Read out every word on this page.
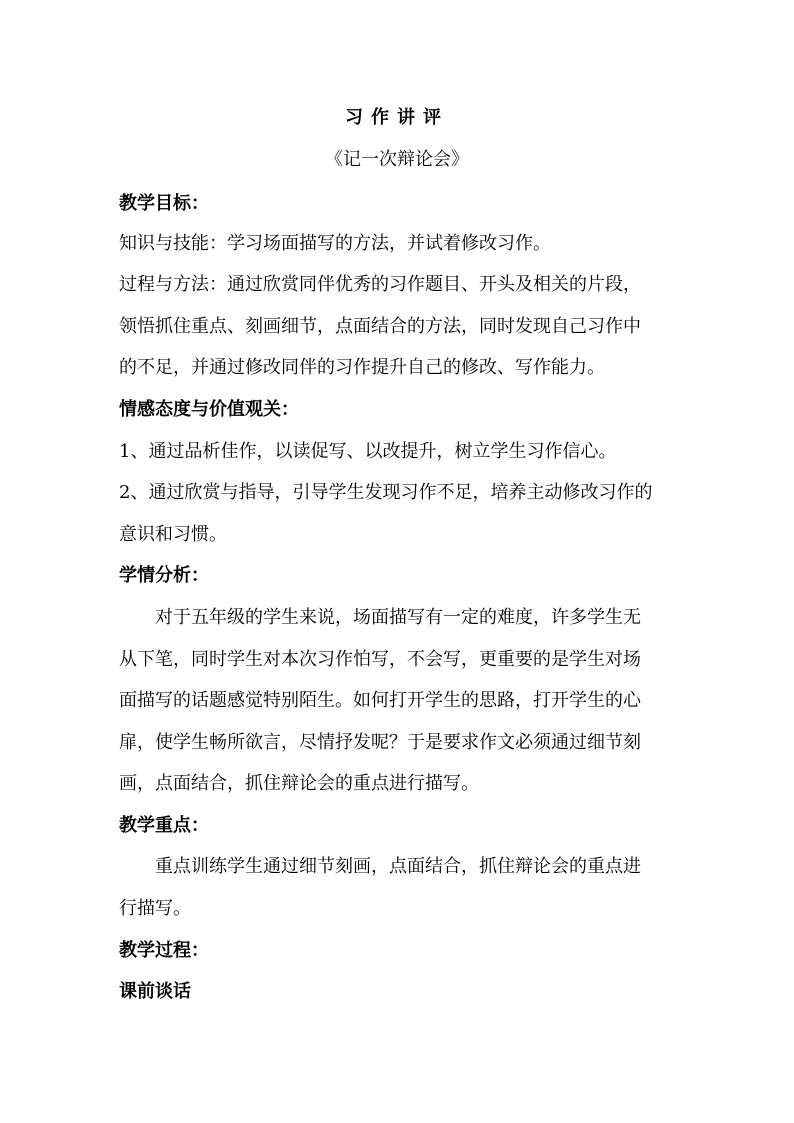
习作讲评
《记一次辩论会》
教学目标：
知识与技能：学习场面描写的方法，并试着修改习作。
过程与方法：通过欣赏同伴优秀的习作题目、开头及相关的片段，
领悟抓住重点、刻画细节，点面结合的方法，同时发现自己习作中
的不足，并通过修改同伴的习作提升自己的修改、写作能力。
情感态度与价值观关：
1、通过品析佳作，以读促写、以改提升，树立学生习作信心。
2、通过欣赏与指导，引导学生发现习作不足，培养主动修改习作的
意识和习惯。
学情分析：
对于五年级的学生来说，场面描写有一定的难度，许多学生无
从下笔，同时学生对本次习作怕写，不会写，更重要的是学生对场
面描写的话题感觉特别陌生。如何打开学生的思路，打开学生的心
扉，使学生畅所欲言，尽情抒发呢？于是要求作文必须通过细节刻
画，点面结合，抓住辩论会的重点进行描写。
教学重点：
重点训练学生通过细节刻画，点面结合，抓住辩论会的重点进
行描写。
教学过程：
课前谈话
